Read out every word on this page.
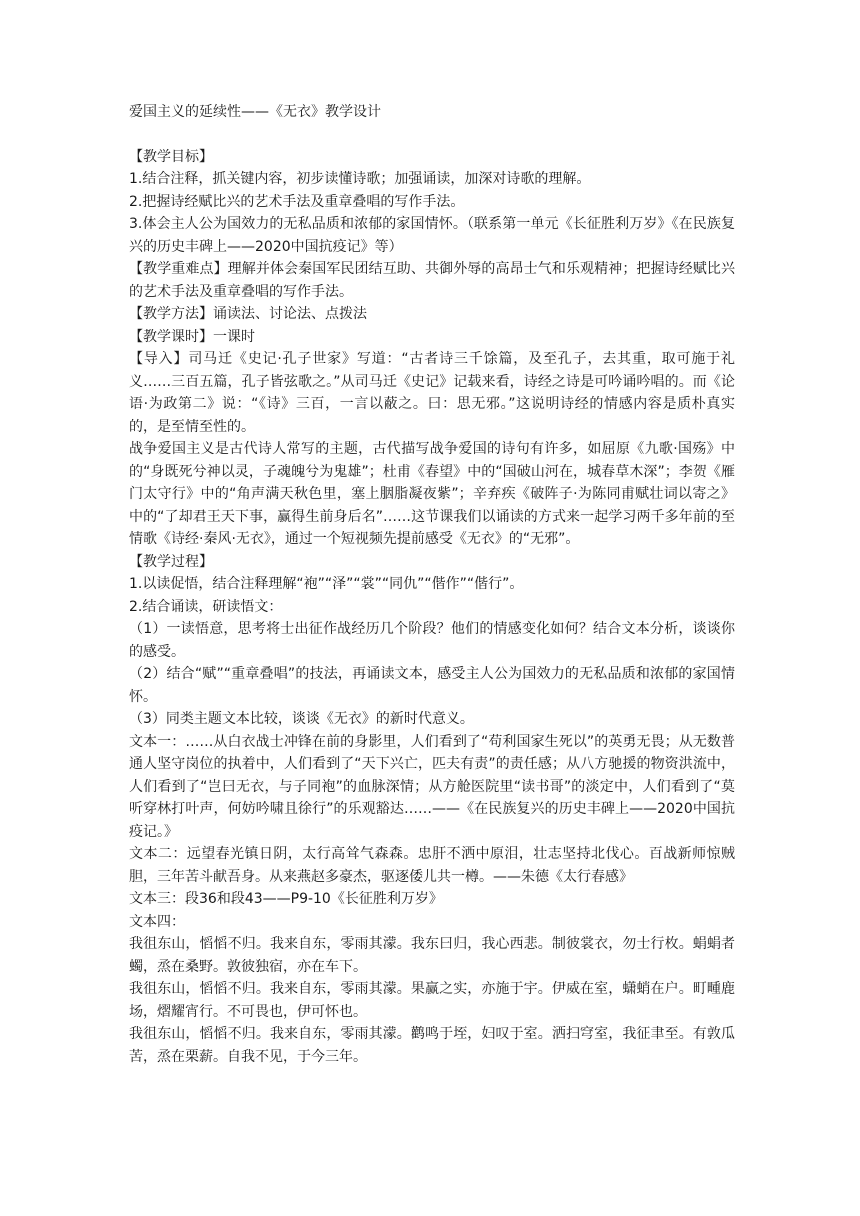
爱国主义的延续性——《无衣》教学设计
【教学目标】
1.结合注释，抓关键内容，初步读懂诗歌；加强诵读，加深对诗歌的理解。
2.把握诗经赋比兴的艺术手法及重章叠唱的写作手法。
3.体会主人公为国效力的无私品质和浓郁的家国情怀。（联系第一单元《长征胜利万岁》《在民族复兴的历史丰碑上——2020中国抗疫记》等）
【教学重难点】理解并体会秦国军民团结互助、共御外辱的高昂士气和乐观精神；把握诗经赋比兴的艺术手法及重章叠唱的写作手法。
【教学方法】诵读法、讨论法、点拨法
【教学课时】一课时
【导入】司马迁《史记·孔子世家》写道：“古者诗三千馀篇，及至孔子，去其重，取可施于礼义……三百五篇，孔子皆弦歌之。”从司马迁《史记》记载来看，诗经之诗是可吟诵吟唱的。而《论语·为政第二》说：“《诗》三百，一言以蔽之。曰：思无邪。”这说明诗经的情感内容是质朴真实的，是至情至性的。
战争爱国主义是古代诗人常写的主题，古代描写战争爱国的诗句有许多，如屈原《九歌·国殇》中的“身既死兮神以灵，子魂魄兮为鬼雄”；杜甫《春望》中的“国破山河在，城春草木深”；李贺《雁门太守行》中的“角声满天秋色里，塞上胭脂凝夜紫”；辛弃疾《破阵子·为陈同甫赋壮词以寄之》中的“了却君王天下事，赢得生前身后名”……这节课我们以诵读的方式来一起学习两千多年前的至情歌《诗经·秦风·无衣》，通过一个短视频先提前感受《无衣》的“无邪”。
【教学过程】
1.以读促悟，结合注释理解“袍”“泽”“裳”“同仇”“偕作”“偕行”。
2.结合诵读，研读悟文：
（1）一读悟意，思考将士出征作战经历几个阶段？他们的情感变化如何？结合文本分析，谈谈你的感受。
（2）结合“赋”“重章叠唱”的技法，再诵读文本，感受主人公为国效力的无私品质和浓郁的家国情怀。
（3）同类主题文本比较，谈谈《无衣》的新时代意义。
文本一：……从白衣战士冲锋在前的身影里，人们看到了“苟利国家生死以”的英勇无畏；从无数普通人坚守岗位的执着中，人们看到了“天下兴亡，匹夫有责”的责任感；从八方驰援的物资洪流中，人们看到了“岂曰无衣，与子同袍”的血脉深情；从方舱医院里“读书哥”的淡定中，人们看到了“莫听穿林打叶声，何妨吟啸且徐行”的乐观豁达……——《在民族复兴的历史丰碑上——2020中国抗疫记。》
文本二：远望春光镇日阴，太行高耸气森森。忠肝不洒中原泪，壮志坚持北伐心。百战新师惊贼胆，三年苦斗献吾身。从来燕赵多豪杰，驱逐倭儿共一樽。——朱德《太行春感》
文本三：段36和段43——P9-10《长征胜利万岁》
文本四：
我徂东山，慆慆不归。我来自东，零雨其濛。我东曰归，我心西悲。制彼裳衣，勿士行枚。蜎蜎者蠋，烝在桑野。敦彼独宿，亦在车下。
我徂东山，慆慆不归。我来自东，零雨其濛。果赢之实，亦施于宇。伊威在室，蟏蛸在户。町畽鹿场，熠耀宵行。不可畏也，伊可怀也。
我徂东山，慆慆不归。我来自东，零雨其濛。鹳鸣于垤，妇叹于室。洒扫穹室，我征聿至。有敦瓜苦，烝在栗薪。自我不见，于今三年。
